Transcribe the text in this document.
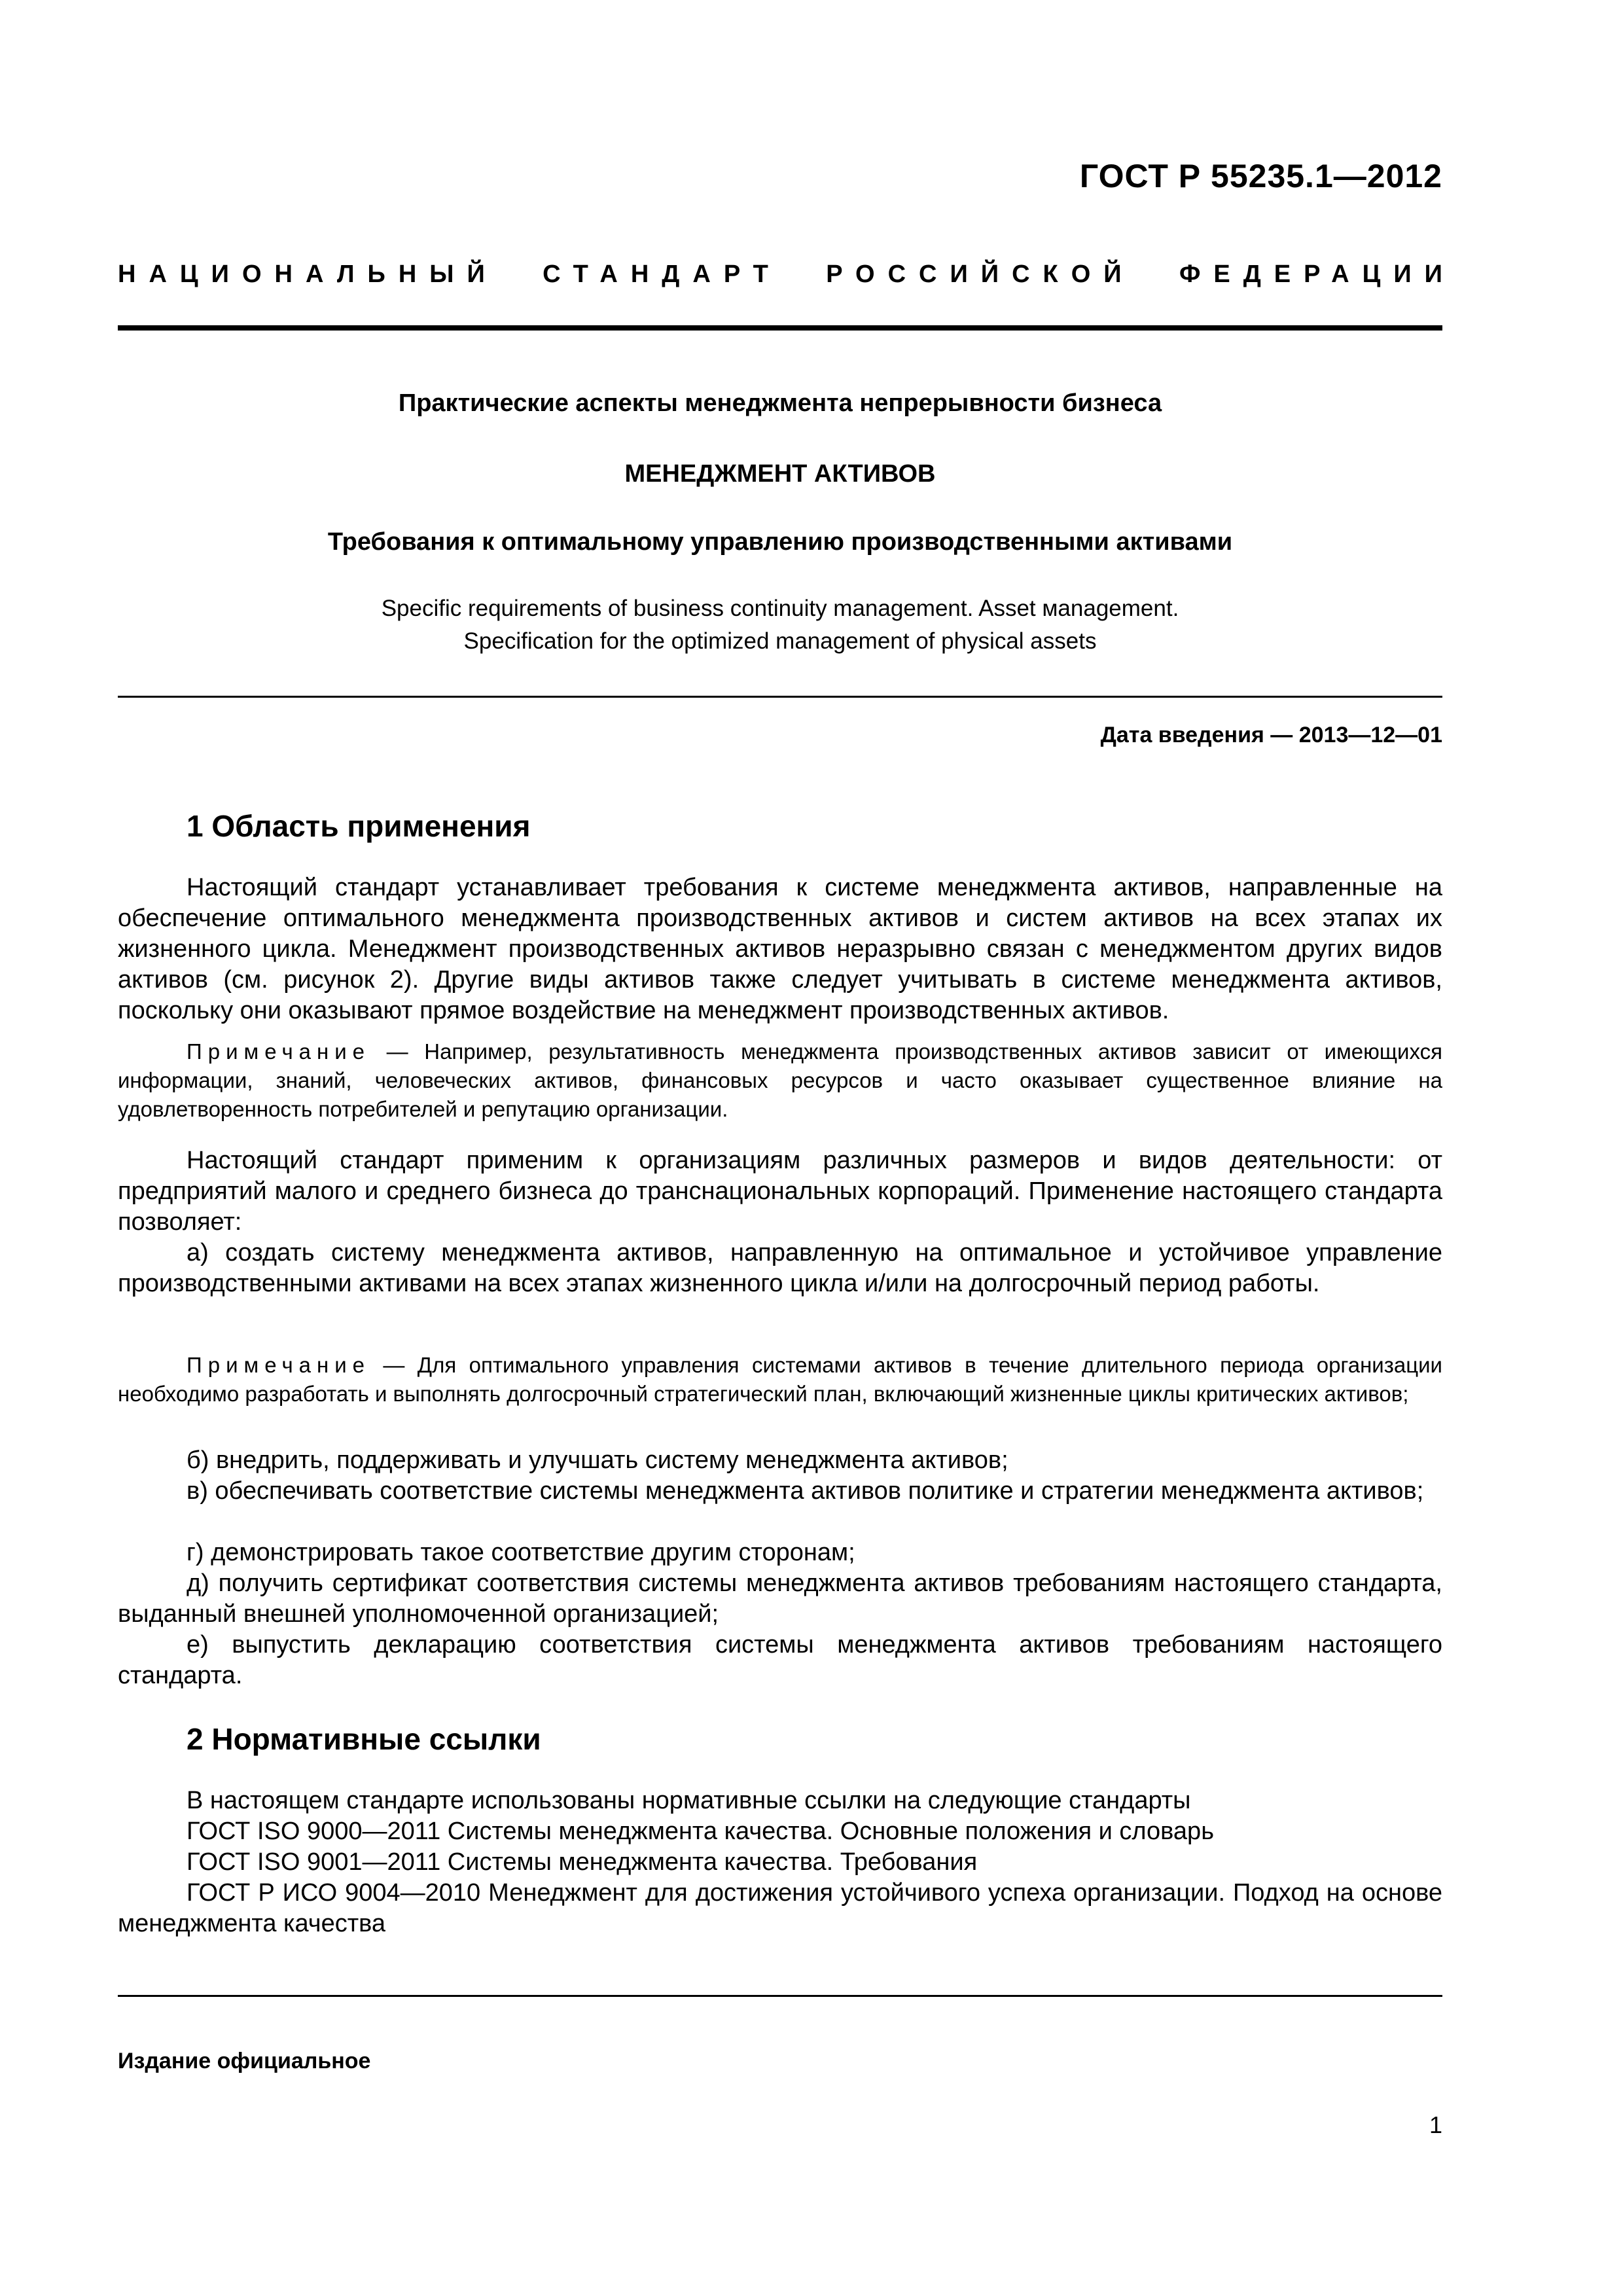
ГОСТ Р 55235.1—2012
НАЦИОНАЛЬНЫЙ СТАНДАРТ РОССИЙСКОЙ ФЕДЕРАЦИИ
Практические аспекты менеджмента непрерывности бизнеса
МЕНЕДЖМЕНТ АКТИВОВ
Требования к оптимальному управлению производственными активами
Specific requirements of business continuity management. Asset мanagement.
Specification for the optimized management of physical assets
Дата введения — 2013—12—01
1 Область применения
Настоящий стандарт устанавливает требования к системе менеджмента активов, направленные на обеспечение оптимального менеджмента производственных активов и систем активов на всех этапах их жизненного цикла. Менеджмент производственных активов неразрывно связан с менеджментом других видов активов (см. рисунок 2). Другие виды активов также следует учитывать в системе менеджмента активов, поскольку они оказывают прямое воздействие на менеджмент производственных активов.
Примечание — Например, результативность менеджмента производственных активов зависит от имеющихся информации, знаний, человеческих активов, финансовых ресурсов и часто оказывает существенное влияние на удовлетворенность потребителей и репутацию организации.
Настоящий стандарт применим к организациям различных размеров и видов деятельности: от предприятий малого и среднего бизнеса до транснациональных корпораций. Применение настоящего стандарта позволяет:
а) создать систему менеджмента активов, направленную на оптимальное и устойчивое управление производственными активами на всех этапах жизненного цикла и/или на долгосрочный период работы.
Примечание — Для оптимального управления системами активов в течение длительного периода организации необходимо разработать и выполнять долгосрочный стратегический план, включающий жизненные циклы критических активов;
б) внедрить, поддерживать и улучшать систему менеджмента активов;
в) обеспечивать соответствие системы менеджмента активов политике и стратегии менеджмента активов;
г) демонстрировать такое соответствие другим сторонам;
д) получить сертификат соответствия системы менеджмента активов требованиям настоящего стандарта, выданный внешней уполномоченной организацией;
е) выпустить декларацию соответствия системы менеджмента активов требованиям настоящего стандарта.
2 Нормативные ссылки
В настоящем стандарте использованы нормативные ссылки на следующие стандарты
ГОСТ ISO 9000—2011 Системы менеджмента качества. Основные положения и словарь
ГОСТ ISO 9001—2011 Системы менеджмента качества. Требования
ГОСТ Р ИСО 9004—2010 Менеджмент для достижения устойчивого успеха организации. Подход на основе менеджмента качества
Издание официальное
1
